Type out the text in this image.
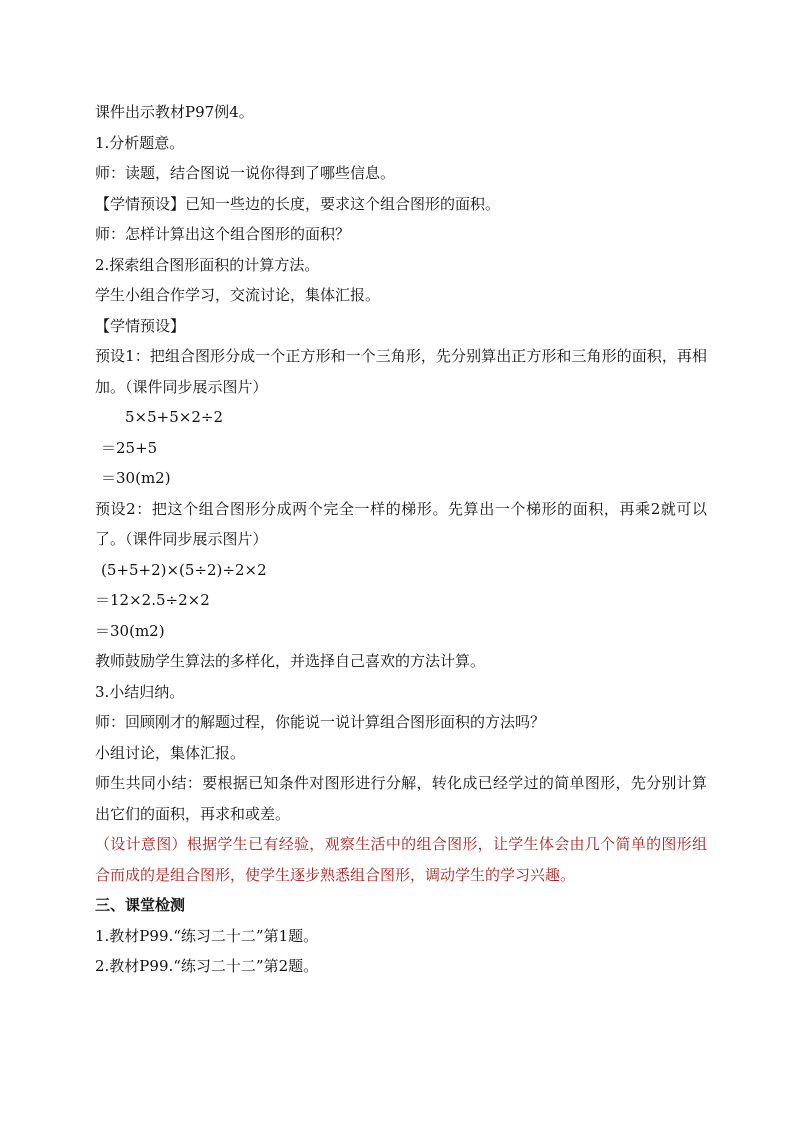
课件出示教材P97例4。

1.分析题意。

师：读题，结合图说一说你得到了哪些信息。

【学情预设】已知一些边的长度，要求这个组合图形的面积。

师：怎样计算出这个组合图形的面积？

2.探索组合图形面积的计算方法。

学生小组合作学习，交流讨论，集体汇报。

【学情预设】

预设1：把组合图形分成一个正方形和一个三角形，先分别算出正方形和三角形的面积，再相加。（课件同步展示图片）

5×5+5×2÷2

＝25+5

＝30(m2)

预设2：把这个组合图形分成两个完全一样的梯形。先算出一个梯形的面积，再乘2就可以了。（课件同步展示图片）

(5+5+2)×(5÷2)÷2×2

＝12×2.5÷2×2

＝30(m2)

教师鼓励学生算法的多样化，并选择自己喜欢的方法计算。

3.小结归纳。

师：回顾刚才的解题过程，你能说一说计算组合图形面积的方法吗？

小组讨论，集体汇报。

师生共同小结：要根据已知条件对图形进行分解，转化成已经学过的简单图形，先分别计算出它们的面积，再求和或差。

（设计意图）根据学生已有经验，观察生活中的组合图形，让学生体会由几个简单的图形组合而成的是组合图形，使学生逐步熟悉组合图形，调动学生的学习兴趣。

三、课堂检测

1.教材P99.“练习二十二”第1题。

2.教材P99.“练习二十二”第2题。
